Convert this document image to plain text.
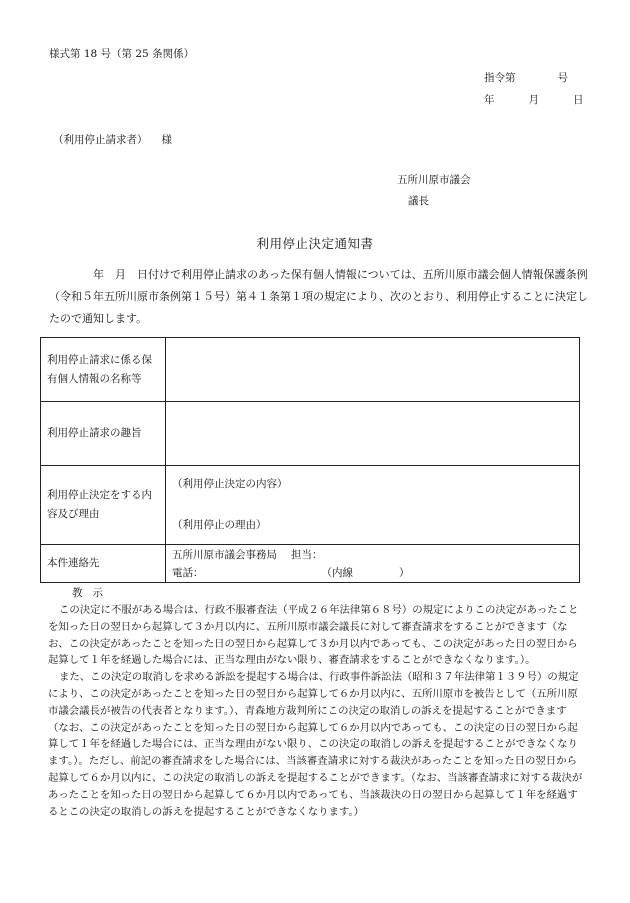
様式第 18 号（第 25 条関係）
指令第	号
年	月	日
（利用停止請求者） 様
五所川原市議会
議長
利用停止決定通知書
年　月　日付けで利用停止請求のあった保有個人情報については、五所川原市議会個人情報保護条例（令和５年五所川原市条例第１５号）第４１条第１項の規定により、次のとおり、利用停止することに決定したので通知します。
利用停止請求に係る保有個人情報の名称等	
利用停止請求の趣旨	
利用停止決定をする内容及び理由	（利用停止決定の内容）
（利用停止の理由）

本件連絡先	五所川原市議会事務局 担当：
電話： （内線 ）
教示

この決定に不服がある場合は、行政不服審査法（平成２６年法律第６８号）の規定によりこの決定があったことを知った日の翌日から起算して３か月以内に、五所川原市議会議長に対して審査請求をすることができます（なお、この決定があったことを知った日の翌日から起算して３か月以内であっても、この決定があった日の翌日から起算して１年を経過した場合には、正当な理由がない限り、審査請求をすることができなくなります。）。

また、この決定の取消しを求める訴訟を提起する場合は、行政事件訴訟法（昭和３７年法律第１３９号）の規定により、この決定があったことを知った日の翌日から起算して６か月以内に、五所川原市を被告として（五所川原市議会議長が被告の代表者となります。）、青森地方裁判所にこの決定の取消しの訴えを提起することができます（なお、この決定があったことを知った日の翌日から起算して６か月以内であっても、この決定の日の翌日から起算して１年を経過した場合には、正当な理由がない限り、この決定の取消しの訴えを提起することができなくなります。）。ただし、前記の審査請求をした場合には、当該審査請求に対する裁決があったことを知った日の翌日から起算して６か月以内に、この決定の取消しの訴えを提起することができます。（なお、当該審査請求に対する裁決があったことを知った日の翌日から起算して６か月以内であっても、当該裁決の日の翌日から起算して１年を経過するとこの決定の取消しの訴えを提起することができなくなります。）
